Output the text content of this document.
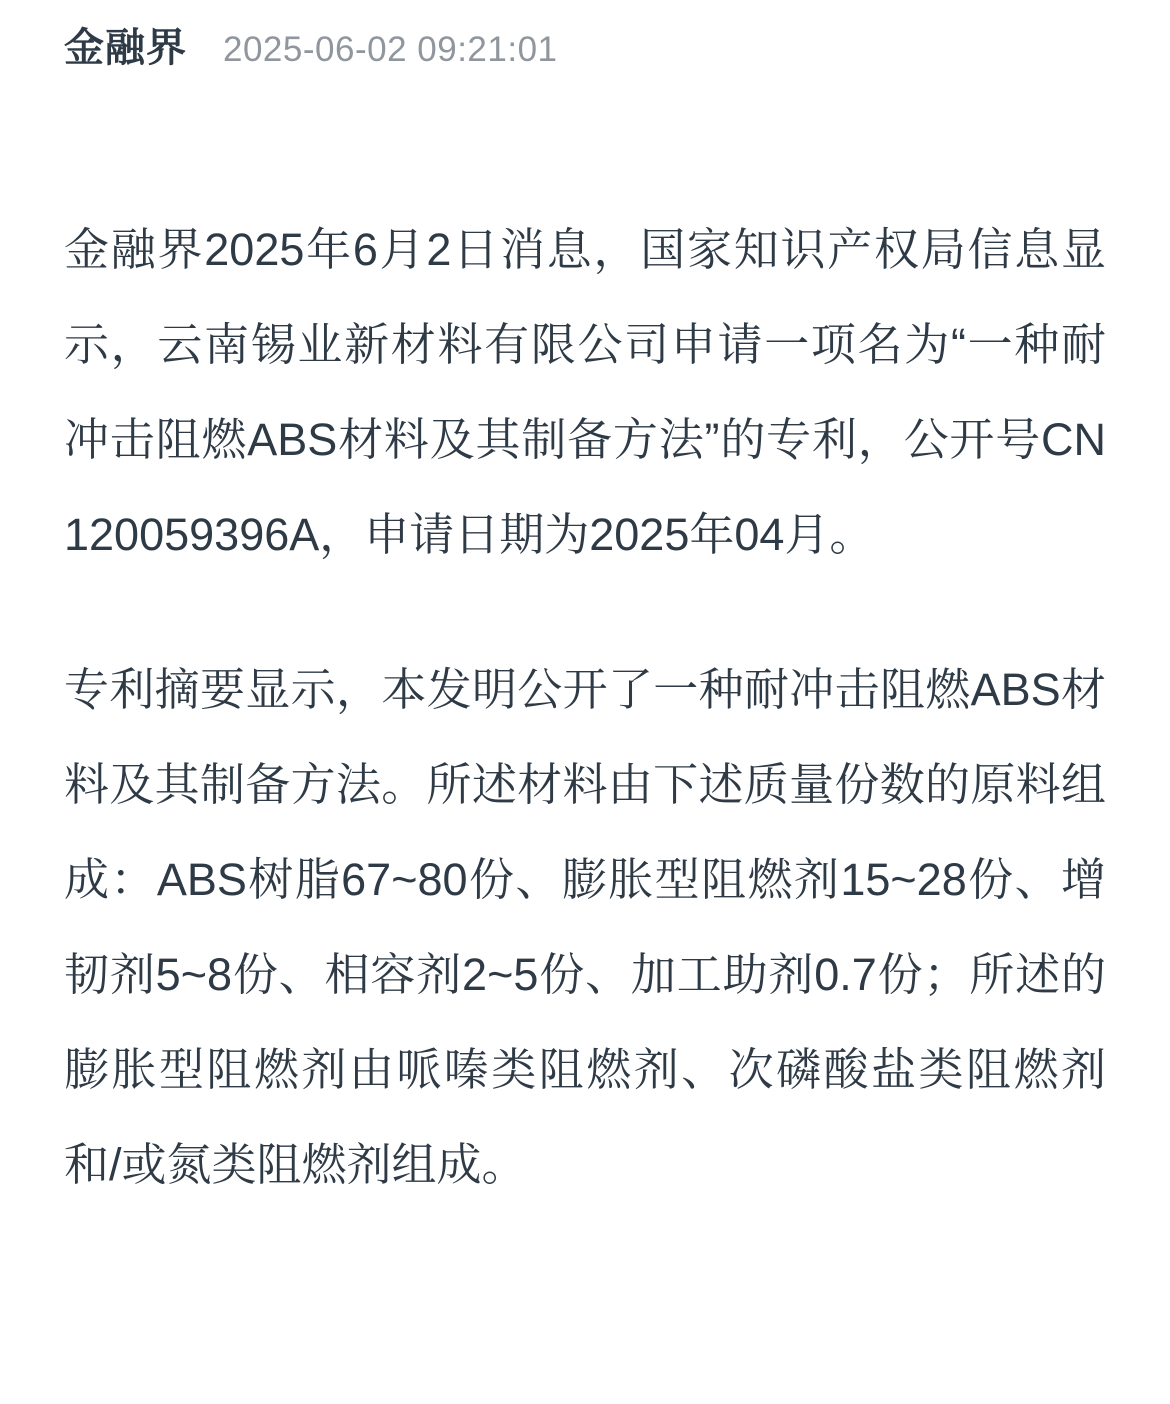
金融界 2025-06-02 09:21:01

金融界2025年6月2日消息，国家知识产权局信息显示，云南锡业新材料有限公司申请一项名为“一种耐冲击阻燃ABS材料及其制备方法”的专利，公开号CN120059396A，申请日期为2025年04月。

专利摘要显示，本发明公开了一种耐冲击阻燃ABS材料及其制备方法。所述材料由下述质量份数的原料组成：ABS树脂67~80份、膨胀型阻燃剂15~28份、增韧剂5~8份、相容剂2~5份、加工助剂0.7份；所述的膨胀型阻燃剂由哌嗪类阻燃剂、次磷酸盐类阻燃剂和/或氮类阻燃剂组成。
